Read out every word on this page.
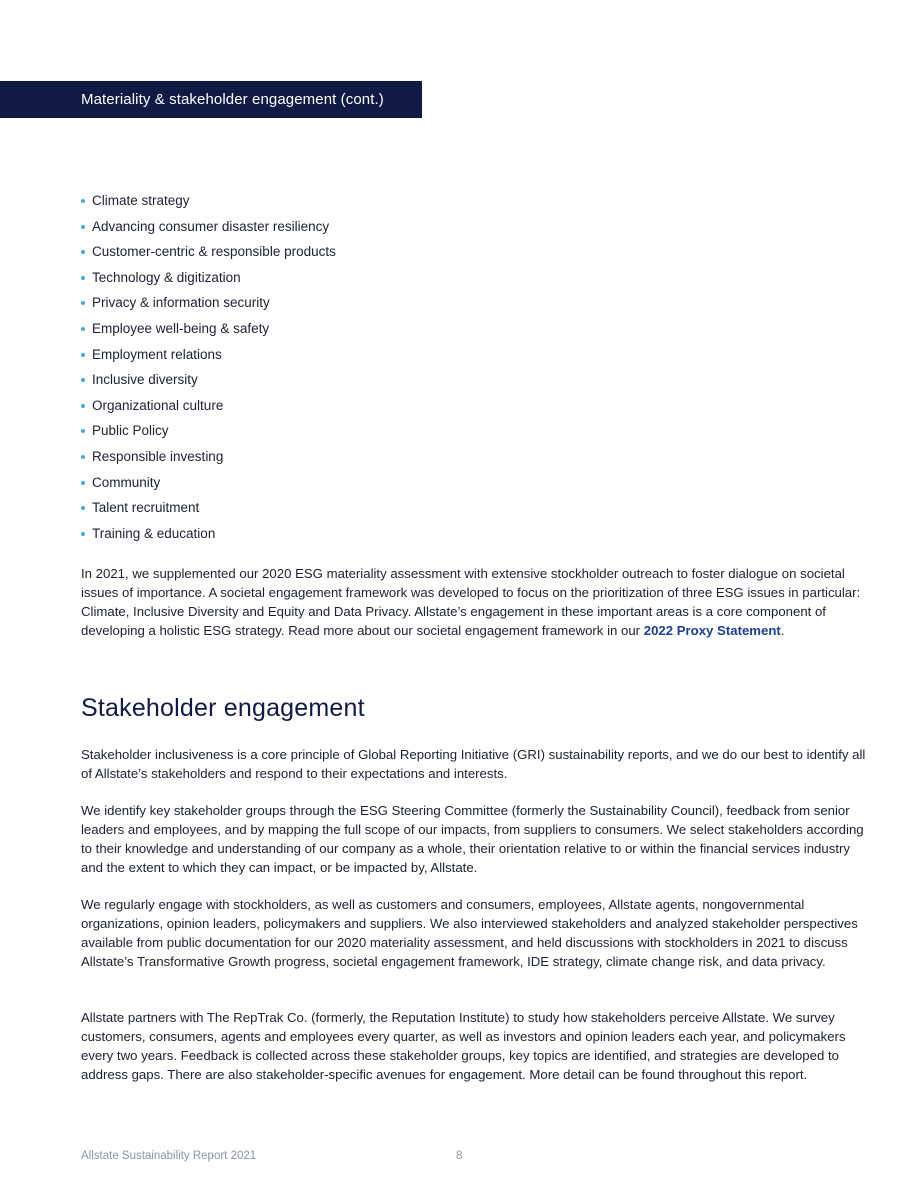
Materiality & stakeholder engagement (cont.)
Climate strategy
Advancing consumer disaster resiliency
Customer-centric & responsible products
Technology & digitization
Privacy & information security
Employee well-being & safety
Employment relations
Inclusive diversity
Organizational culture
Public Policy
Responsible investing
Community
Talent recruitment
Training & education

In 2021, we supplemented our 2020 ESG materiality assessment with extensive stockholder outreach to foster dialogue on societal issues of importance. A societal engagement framework was developed to focus on the prioritization of three ESG issues in particular: Climate, Inclusive Diversity and Equity and Data Privacy. Allstate’s engagement in these important areas is a core component of developing a holistic ESG strategy. Read more about our societal engagement framework in our 2022 Proxy Statement.

Stakeholder engagement

Stakeholder inclusiveness is a core principle of Global Reporting Initiative (GRI) sustainability reports, and we do our best to identify all of Allstate’s stakeholders and respond to their expectations and interests.

We identify key stakeholder groups through the ESG Steering Committee (formerly the Sustainability Council), feedback from senior leaders and employees, and by mapping the full scope of our impacts, from suppliers to consumers. We select stakeholders according to their knowledge and understanding of our company as a whole, their orientation relative to or within the financial services industry and the extent to which they can impact, or be impacted by, Allstate.

We regularly engage with stockholders, as well as customers and consumers, employees, Allstate agents, nongovernmental organizations, opinion leaders, policymakers and suppliers. We also interviewed stakeholders and analyzed stakeholder perspectives available from public documentation for our 2020 materiality assessment, and held discussions with stockholders in 2021 to discuss Allstate’s Transformative Growth progress, societal engagement framework, IDE strategy, climate change risk, and data privacy.

Allstate partners with The RepTrak Co. (formerly, the Reputation Institute) to study how stakeholders perceive Allstate. We survey customers, consumers, agents and employees every quarter, as well as investors and opinion leaders each year, and policymakers every two years. Feedback is collected across these stakeholder groups, key topics are identified, and strategies are developed to address gaps. There are also stakeholder-specific avenues for engagement. More detail can be found throughout this report.

Allstate Sustainability Report 2021	8
